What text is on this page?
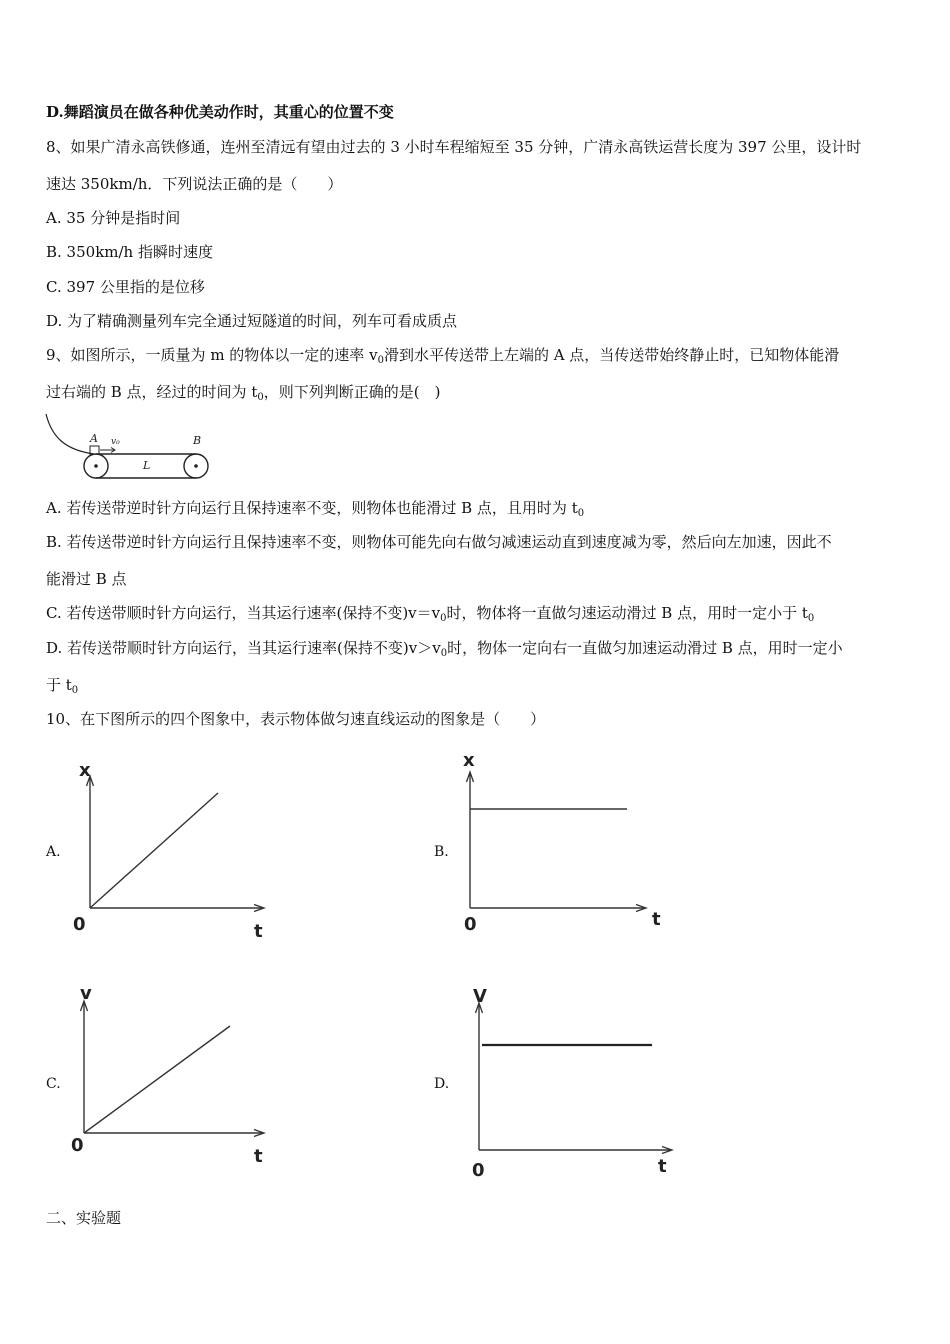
D.舞蹈演员在做各种优美动作时，其重心的位置不变
8、如果广清永高铁修通，连州至清远有望由过去的 3 小时车程缩短至 35 分钟，广清永高铁运营长度为 397 公里，设计时
速达 350km/h．下列说法正确的是（　　）
A. 35 分钟是指时间
B. 350km/h 指瞬时速度
C. 397 公里指的是位移
D. 为了精确测量列车完全通过短隧道的时间，列车可看成质点
9、如图所示，一质量为 m 的物体以一定的速率 $v_0$滑到水平传送带上左端的 A 点，当传送带始终静止时，已知物体能滑
过右端的 B 点，经过的时间为 $t_0$，则下列判断正确的是(　)
A v₀	B
L
A. 若传送带逆时针方向运行且保持速率不变，则物体也能滑过 B 点，且用时为 $t_0$
B. 若传送带逆时针方向运行且保持速率不变，则物体可能先向右做匀减速运动直到速度减为零，然后向左加速，因此不
能滑过 B 点
C. 若传送带顺时针方向运行，当其运行速率(保持不变)$v=v_0$时，物体将一直做匀速运动滑过 B 点，用时一定小于 $t_0$
D. 若传送带顺时针方向运行，当其运行速率(保持不变)$v>v_0$时，物体一定向右一直做匀加速运动滑过 B 点，用时一定小
于 $t_0$
10、在下图所示的四个图象中，表示物体做匀速直线运动的图象是（　　）
A.
x
t
0
B.
x
t
0
C.
v
t
0
D.
V
t
0
二、实验题
